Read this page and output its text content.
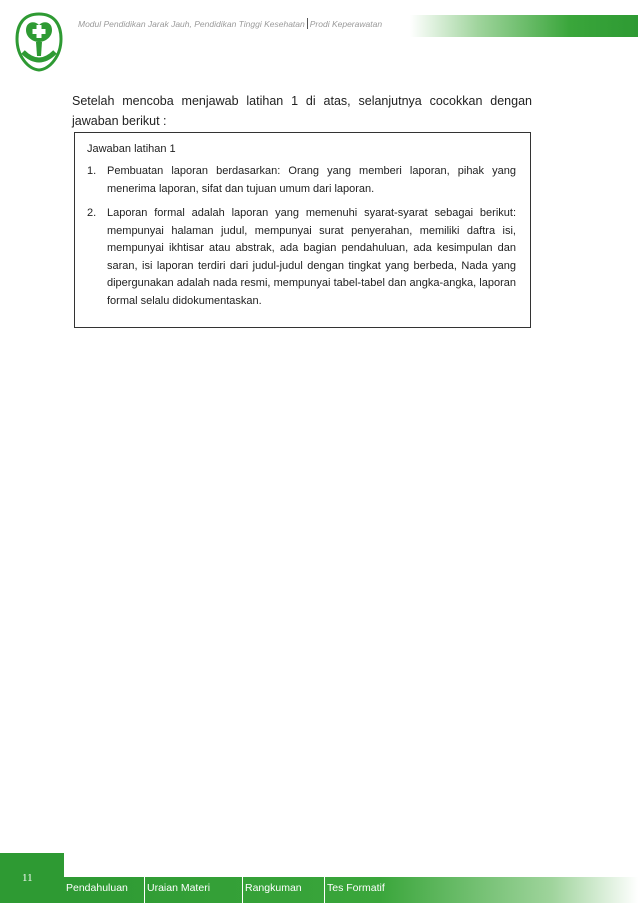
Modul Pendidikan Jarak Jauh, Pendidikan Tinggi Kesehatan Prodi Keperawatan
Setelah mencoba menjawab latihan 1 di atas, selanjutnya cocokkan dengan jawaban berikut :
Jawaban latihan 1
1. Pembuatan laporan berdasarkan: Orang yang memberi laporan, pihak yang menerima laporan, sifat dan tujuan umum dari laporan.
2. Laporan formal adalah laporan yang memenuhi syarat-syarat sebagai berikut: mempunyai halaman judul, mempunyai surat penyerahan, memiliki daftra isi, mempunyai ikhtisar atau abstrak, ada bagian pendahuluan, ada kesimpulan dan saran, isi laporan terdiri dari judul-judul dengan tingkat yang berbeda, Nada yang dipergunakan adalah nada resmi, mempunyai tabel-tabel dan angka-angka, laporan formal selalu didokumentaskan.
11
Pendahuluan	Uraian Materi	Rangkuman	Tes Formatif
